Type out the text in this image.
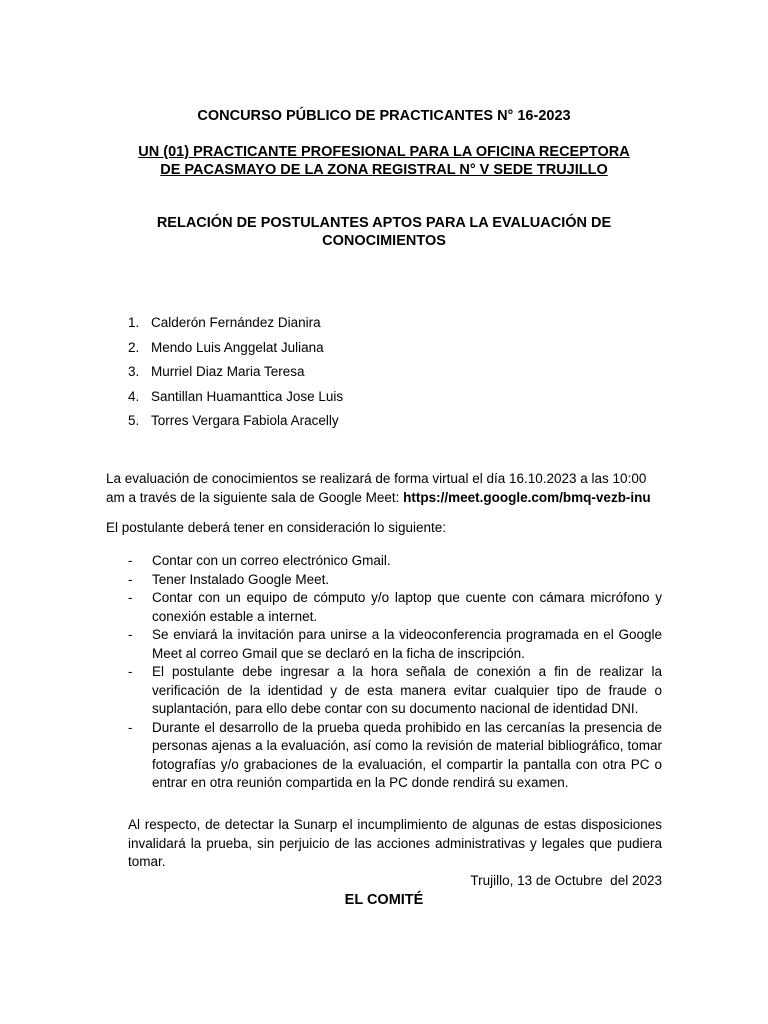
CONCURSO PÚBLICO DE PRACTICANTES N° 16-2023
UN (01) PRACTICANTE PROFESIONAL PARA LA OFICINA RECEPTORA
DE PACASMAYO DE LA ZONA REGISTRAL N° V SEDE TRUJILLO
RELACIÓN DE POSTULANTES APTOS PARA LA EVALUACIÓN DE
CONOCIMIENTOS
1. Calderón Fernández Dianira
2. Mendo Luis Anggelat Juliana
3. Murriel Diaz Maria Teresa
4. Santillan Huamanttica Jose Luis
5. Torres Vergara Fabiola Aracelly
La evaluación de conocimientos se realizará de forma virtual el día 16.10.2023 a las 10:00
am a través de la siguiente sala de Google Meet: https://meet.google.com/bmq-vezb-inu
El postulante deberá tener en consideración lo siguiente:
- Contar con un correo electrónico Gmail.
- Tener Instalado Google Meet.
- Contar con un equipo de cómputo y/o laptop que cuente con cámara micrófono y conexión estable a internet.
- Se enviará la invitación para unirse a la videoconferencia programada en el Google Meet al correo Gmail que se declaró en la ficha de inscripción.
- El postulante debe ingresar a la hora señala de conexión a fin de realizar la verificación de la identidad y de esta manera evitar cualquier tipo de fraude o suplantación, para ello debe contar con su documento nacional de identidad DNI.
- Durante el desarrollo de la prueba queda prohibido en las cercanías la presencia de personas ajenas a la evaluación, así como la revisión de material bibliográfico, tomar fotografías y/o grabaciones de la evaluación, el compartir la pantalla con otra PC o entrar en otra reunión compartida en la PC donde rendirá su examen.
Al respecto, de detectar la Sunarp el incumplimiento de algunas de estas disposiciones invalidará la prueba, sin perjuicio de las acciones administrativas y legales que pudiera tomar.
Trujillo, 13 de Octubre  del 2023
EL COMITÉ
